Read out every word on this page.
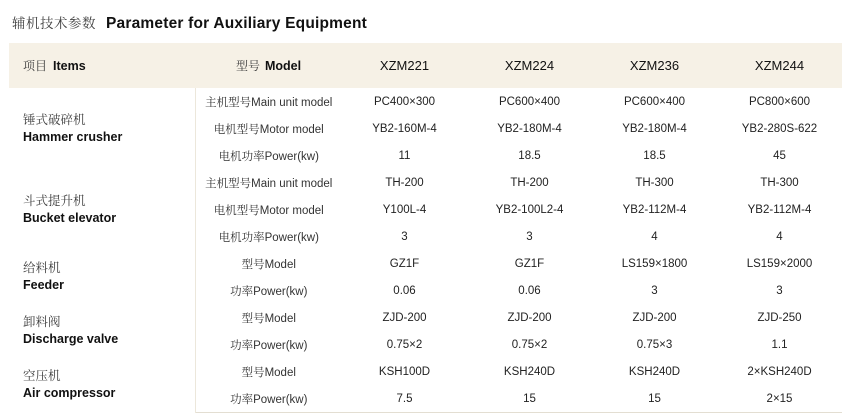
辅机技术参数 Parameter for Auxiliary Equipment
项目 Items	型号 Model	XZM221	XZM224	XZM236	XZM244

锤式破碎机
Hammer crusher	主机型号Main unit model	PC400×300	PC600×400	PC600×400	PC800×600
	电机型号Motor model	YB2-160M-4	YB2-180M-4	YB2-180M-4	YB2-280S-622
	电机功率Power(kw)	11	18.5	18.5	45

斗式提升机
Bucket elevator	主机型号Main unit model	TH-200	TH-200	TH-300	TH-300
	电机型号Motor model	Y100L-4	YB2-100L2-4	YB2-112M-4	YB2-112M-4
	电机功率Power(kw)	3	3	4	4

给料机
Feeder	型号Model	GZ1F	GZ1F	LS159×1800	LS159×2000
	功率Power(kw)	0.06	0.06	3	3

卸料阀
Discharge valve	型号Model	ZJD-200	ZJD-200	ZJD-200	ZJD-250
	功率Power(kw)	0.75×2	0.75×2	0.75×3	1.1

空压机
Air compressor	型号Model	KSH100D	KSH240D	KSH240D	2×KSH240D
	功率Power(kw)	7.5	15	15	2×15
